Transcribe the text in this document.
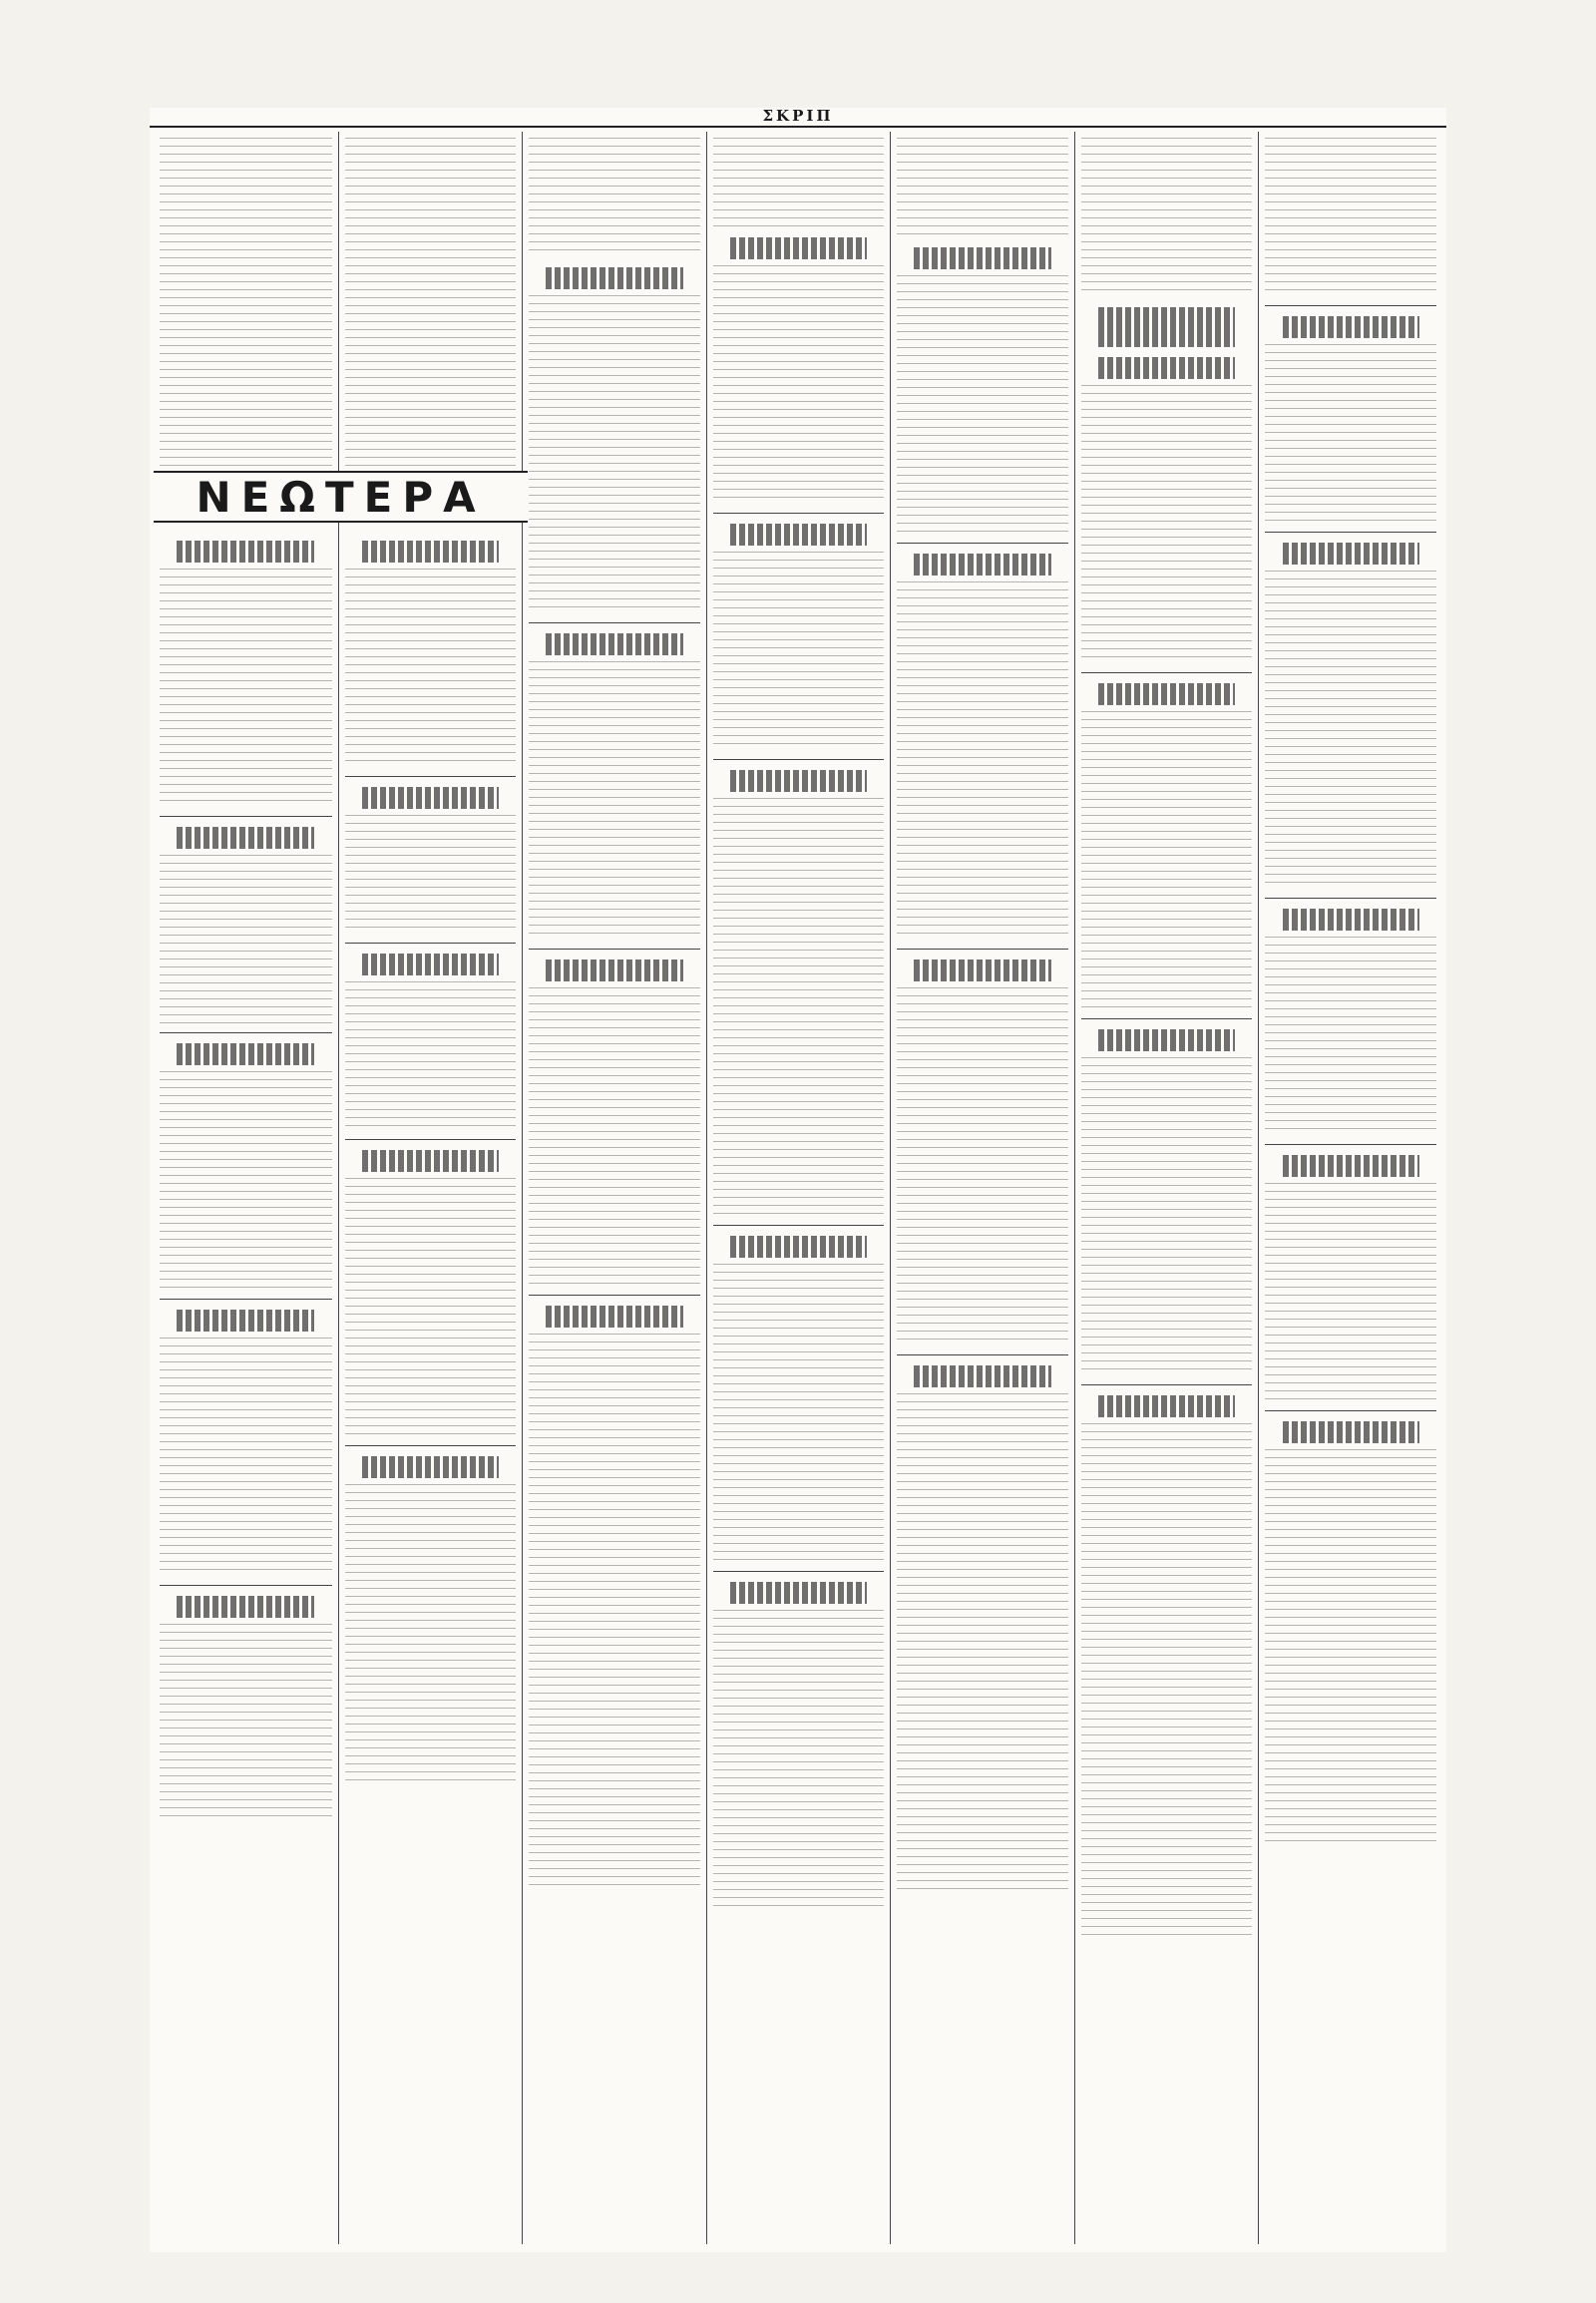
ΣΚΡΙΠ
ΝΕΩΤΕΡΑ
